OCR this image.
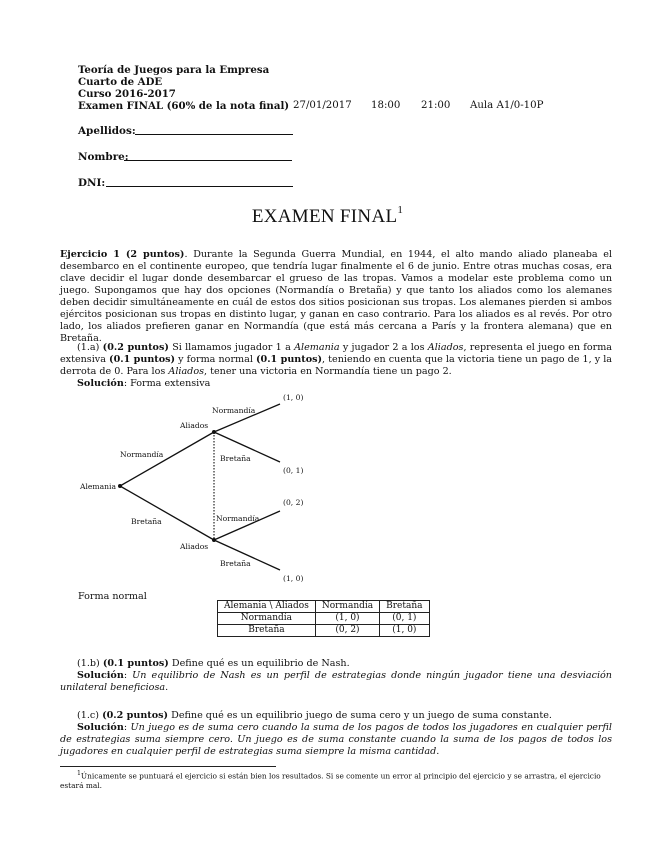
Teoría de Juegos para la Empresa
Cuarto de ADE
Curso 2016-2017
Examen FINAL (60% de la nota final) 27/01/2017 18:00 21:00 Aula A1/0-10P
Apellidos:
Nombre:
DNI:
EXAMEN FINAL$^1$
Ejercicio 1 (2 puntos). Durante la Segunda Guerra Mundial, en 1944, el alto mando aliado planeaba el desembarco en el continente europeo, que tendría lugar finalmente el 6 de junio. Entre otras muchas cosas, era clave decidir el lugar donde desembarcar el grueso de las tropas. Vamos a modelar este problema como un juego. Supongamos que hay dos opciones (Normandía o Bretaña) y que tanto los aliados como los alemanes deben decidir simultáneamente en cuál de estos dos sitios posicionan sus tropas. Los alemanes pierden si ambos ejércitos posicionan sus tropas en distinto lugar, y ganan en caso contrario. Para los aliados es al revés. Por otro lado, los aliados prefieren ganar en Normandía (que está más cercana a París y la frontera alemana) que en Bretaña.
(1.a) (0.2 puntos) Si llamamos jugador 1 a Alemania y jugador 2 a los Aliados, representa el juego en forma extensiva (0.1 puntos) y forma normal (0.1 puntos), teniendo en cuenta que la victoria tiene un pago de 1, y la derrota de 0. Para los Aliados, tener una victoria en Normandía tiene un pago 2.
Solución: Forma extensiva
Alemania
Aliados
Aliados
Normandía
Bretaña
Normandía
Bretaña
Normandía
Bretaña
(1, 0)
(0, 1)
(0, 2)
(1, 0)
Forma normal
Alemania \ Aliados	Normandía	Bretaña
Normandía	(1, 0)	(0, 1)
Bretaña	(0, 2)	(1, 0)
(1.b) (0.1 puntos) Define qué es un equilibrio de Nash.
Solución: Un equilibrio de Nash es un perfil de estrategias donde ningún jugador tiene una desviación unilateral beneficiosa.
(1.c) (0.2 puntos) Define qué es un equilibrio juego de suma cero y un juego de suma constante.
Solución: Un juego es de suma cero cuando la suma de los pagos de todos los jugadores en cualquier perfil de estrategias suma siempre cero. Un juego es de suma constante cuando la suma de los pagos de todos los jugadores en cualquier perfil de estrategias suma siempre la misma cantidad.
$^1$Únicamente se puntuará el ejercicio si están bien los resultados. Si se comente un error al principio del ejercicio y se arrastra, el ejercicio estará mal.
